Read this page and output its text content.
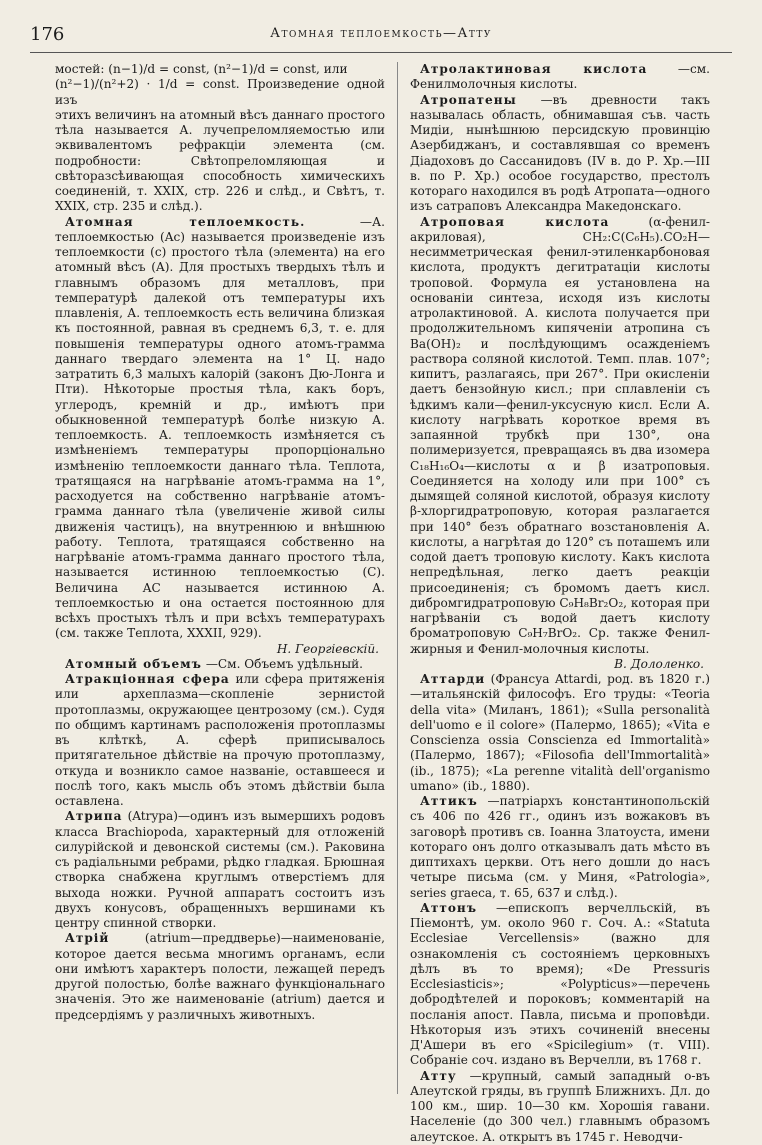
176	Атомная теплоемкость—Атту

мостей: (n−1)/d = const, (n²−1)/d = const, или

(n²−1)/(n²+2) · 1/d = const. Произведение одной изъ

этихъ величинъ на атомный вѣсъ даннаго простого тѣла называется А. лучепреломляемостью или эквивалентомъ рефракціи элемента (см. подробности: Свѣтопреломляющая и свѣторазсѣивающая способность химическихъ соединеній, т. XXIX, стр. 226 и слѣд., и Свѣтъ, т. XXIX, стр. 235 и слѣд.).

Атомная теплоемкость.	—А. теплоемкостью (Ac) называется произведеніе изъ теплоемкости (c) простого тѣла (элемента) на его атомный вѣсъ (A). Для простыхъ твердыхъ тѣлъ и главнымъ образомъ для металловъ, при температурѣ далекой отъ температуры ихъ плавленія, А. теплоемкость есть величина близкая къ постоянной, равная въ среднемъ 6,3, т. е. для повышенія температуры одного атомъ-грамма даннаго твердаго элемента на 1° Ц. надо затратить 6,3 малыхъ калорій (законъ Дю-Лонга и Пти). Нѣкоторые простыя тѣла, какъ боръ, углеродъ, кремній и др., имѣютъ при обыкновенной температурѣ болѣе низкую А. теплоемкость. А. теплоемкость измѣняется съ измѣненіемъ температуры пропорціонально измѣненію теплоемкости даннаго тѣла. Теплота, тратящаяся на нагрѣваніе атомъ-грамма на 1°, расходуется на собственно нагрѣваніе атомъ-грамма даннаго тѣла (увеличеніе живой силы движенія частицъ), на внутреннюю и внѣшнюю работу. Теплота, тратящаяся собственно на нагрѣваніе атомъ-грамма даннаго простого тѣла, называется истинною теплоемкостью (C). Величина AC называется истинною А. теплоемкостью и она остается постоянною для всѣхъ простыхъ тѣлъ и при всѣхъ температурахъ (см. также Теплота, XXXII, 929).

Н. Георгіевскій.

Атомный объемъ —См. Объемъ удѣльный.

Атракціонная сфера или сфера притяженія или археплазма—скопленіе зернистой протоплазмы, окружающее центрозому (см.). Судя по общимъ картинамъ расположенія протоплазмы въ клѣткѣ, А. сферѣ приписывалось притягательное дѣйствіе на прочую протоплазму, откуда и возникло самое названіе, оставшееся и послѣ того, какъ мысль объ этомъ дѣйствіи была оставлена.

Атрипа (Atrypa)—одинъ изъ вымершихъ родовъ класса Brachiopoda, характерный для отложеній силурійской и девонской системы (см.). Раковина съ радіальными ребрами, рѣдко гладкая. Брюшная створка снабжена круглымъ отверстіемъ для выхода ножки. Ручной аппаратъ состоитъ изъ двухъ конусовъ, обращенныхъ вершинами къ центру спинной створки.

Атрій	(atrium—преддверье)—наименованіе, которое дается весьма многимъ органамъ, если они имѣютъ характеръ полости, лежащей передъ другой полостью, болѣе важнаго функціональнаго значенія. Это же наименованіе (atrium) дается и предсердіямъ у различныхъ животныхъ.

Атролактиновая кислота	—см. Фенилмолочныя кислоты.

Атропатены —въ древности такъ называлась область, обнимавшая съв. часть Мидіи, нынѣшнюю персидскую провинцію Азербиджанъ, и составлявшая со временъ Діадоховъ до Сассанидовъ (IV в. до Р. Хр.—III в. по Р. Хр.) особое государство, престолъ котораго находился въ родѣ Атропата—одного изъ сатраповъ Александра Македонскаго.

Атроповая кислота	(α-фенил-акриловая), CH₂:C(C₆H₅).CO₂H—несимметрическая фенил-этиленкарбоновая кислота, продуктъ дегитратаціи кислоты троповой. Формула ея установлена на основаніи синтеза, исходя изъ кислоты атролактиновой. А. кислота получается при продолжительномъ кипяченіи атропина съ Ba(OH)₂ и послѣдующимъ осажденіемъ раствора соляной кислотой. Темп. плав. 107°; кипитъ, разлагаясь, при 267°. При окисленіи даетъ бензойную кисл.; при сплавленіи съ ѣдкимъ кали—фенил-уксусную кисл. Если А. кислоту нагрѣвать короткое время въ запаянной трубкѣ при 130°, она полимеризуется, превращаясь въ два изомера C₁₈H₁₆O₄—кислоты α и β изатроповыя. Соединяется на холоду или при 100° съ дымящей соляной кислотой, образуя кислоту β-хлоргидратроповую, которая разлагается при 140° безъ обратнаго возстановленія А. кислоты, а нагрѣтая до 120° съ поташемъ или содой даетъ троповую кислоту. Какъ кислота непредѣльная, легко даетъ реакціи присоединенія; съ бромомъ даетъ кисл. дибромгидратроповую C₉H₈Br₂O₂, которая при нагрѣваніи съ водой даетъ кислоту броматроповую C₉H₇BrO₂. Ср. также Фенил-жирныя и Фенил-молочныя кислоты.

В. Дололенко.

Аттарди (Франсуа Attardi, род. въ 1820 г.)—итальянскій философъ. Его труды: «Teoria della vita» (Миланъ, 1861); «Sulla personalità dell'uomo e il colore» (Палермо, 1865); «Vita e Conscienza ossia Conscienza ed Immortalità» (Палермо, 1867); «Filosofia dell'Immortalità» (ib., 1875); «La perenne vitalità dell'organismo umano» (ib., 1880).

Аттикъ —патріархъ константинопольскій съ 406 по 426 гг., одинъ изъ вожаковъ въ заговорѣ противъ св. Іоанна Златоуста, имени котораго онъ долго отказывалъ дать мѣсто въ диптихахъ церкви. Отъ него дошли до насъ четыре письма (см. у Миня, «Patrologia», series graeca, т. 65, 637 и слѣд.).

Аттонъ —епископъ верчелльскій, въ Піемонтѣ, ум. около 960 г. Соч. А.: «Statuta Ecclesiae Vercellensis» (важно для ознакомленія съ состояніемъ церковныхъ дѣлъ въ то время); «De Pressuris Ecclesiasticis»; «Polypticus»—перечень добродѣтелей и пороковъ; комментарій на посланія апост. Павла, письма и проповѣди. Нѣкоторыя изъ этихъ сочиненій внесены Д'Ашери въ его «Spicilegium» (т. VIII). Собраніе соч. издано въ Верчелли, въ 1768 г.

Атту —крупный, самый западный о-въ Алеутской гряды, въ группѣ Ближнихъ. Дл. до 100 км., шир. 10—30 км. Хорошія гавани. Населеніе (до 300 чел.) главнымъ образомъ алеутское. А. открытъ въ 1745 г. Неводчи-
